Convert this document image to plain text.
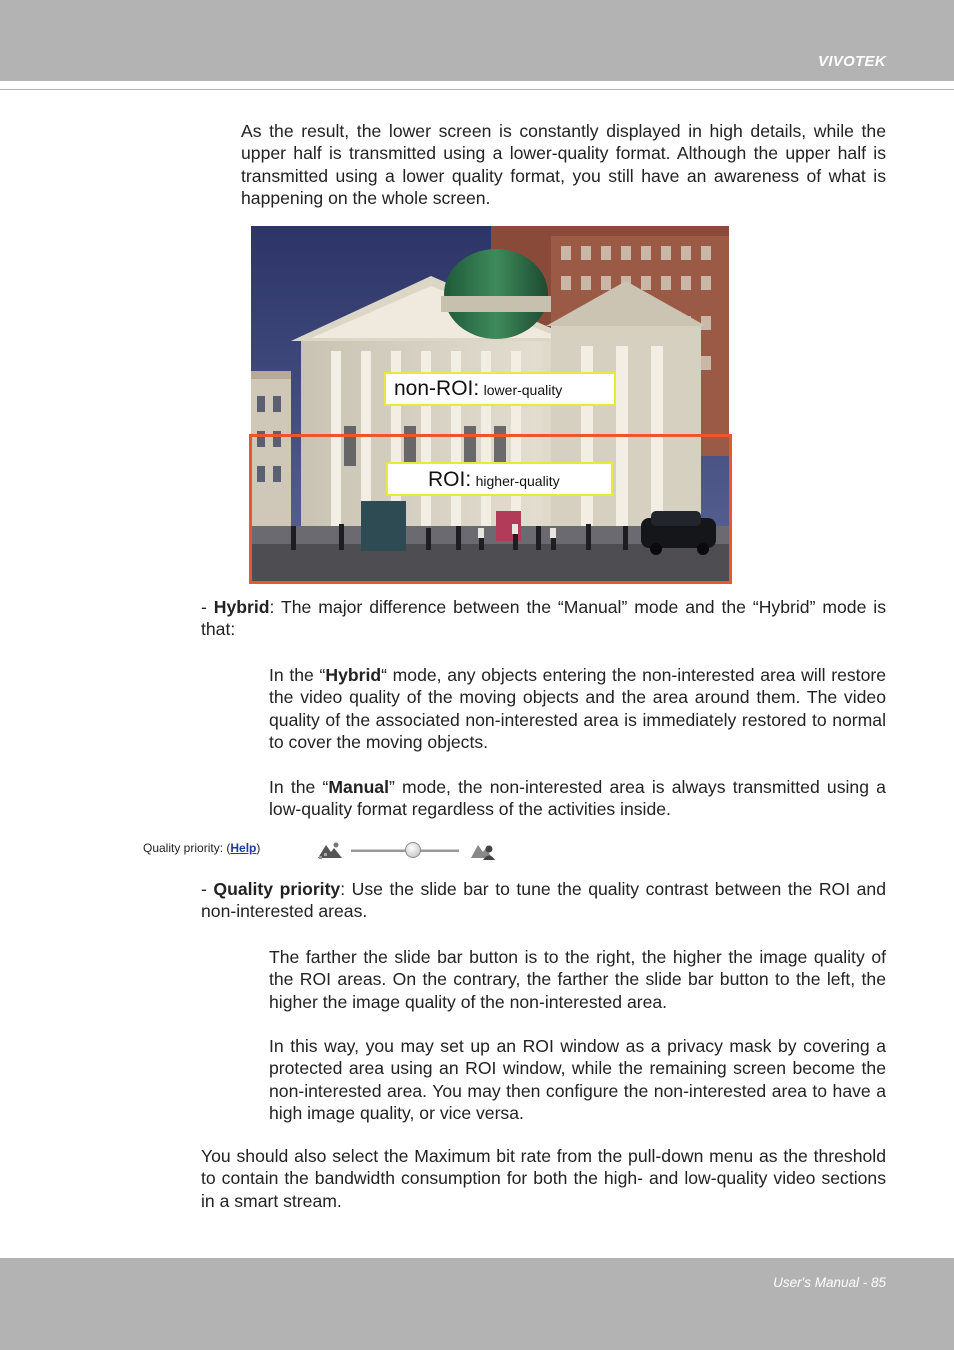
VIVOTEK

As the result, the lower screen is constantly displayed in high details, while the upper half is transmitted using a lower-quality format. Although the upper half is transmitted using a lower quality format, you still have an awareness of what is happening on the whole screen.

non-ROI: lower-quality
ROI: higher-quality

- Hybrid: The major difference between the “Manual” mode and the “Hybrid” mode is that:

In the “Hybrid“ mode, any objects entering the non-interested area will restore the video quality of the moving objects and the area around them. The video quality of the associated non-interested area is immediately restored to normal to cover the moving objects.

In the “Manual” mode, the non-interested area is always transmitted using a low-quality format regardless of the activities inside.

Quality priority: (Help)

- Quality priority: Use the slide bar to tune the quality contrast between the ROI and non-interested areas.

The farther the slide bar button is to the right, the higher the image quality of the ROI areas. On the contrary, the farther the slide bar button to the left, the higher the image quality of the non-interested area.

In this way, you may set up an ROI window as a privacy mask by covering a protected area using an ROI window, while the remaining screen become the non-interested area. You may then configure the non-interested area to have a high image quality, or vice versa.

You should also select the Maximum bit rate from the pull-down menu as the threshold to contain the bandwidth consumption for both the high- and low-quality video sections in a smart stream.

User's Manual - 85
